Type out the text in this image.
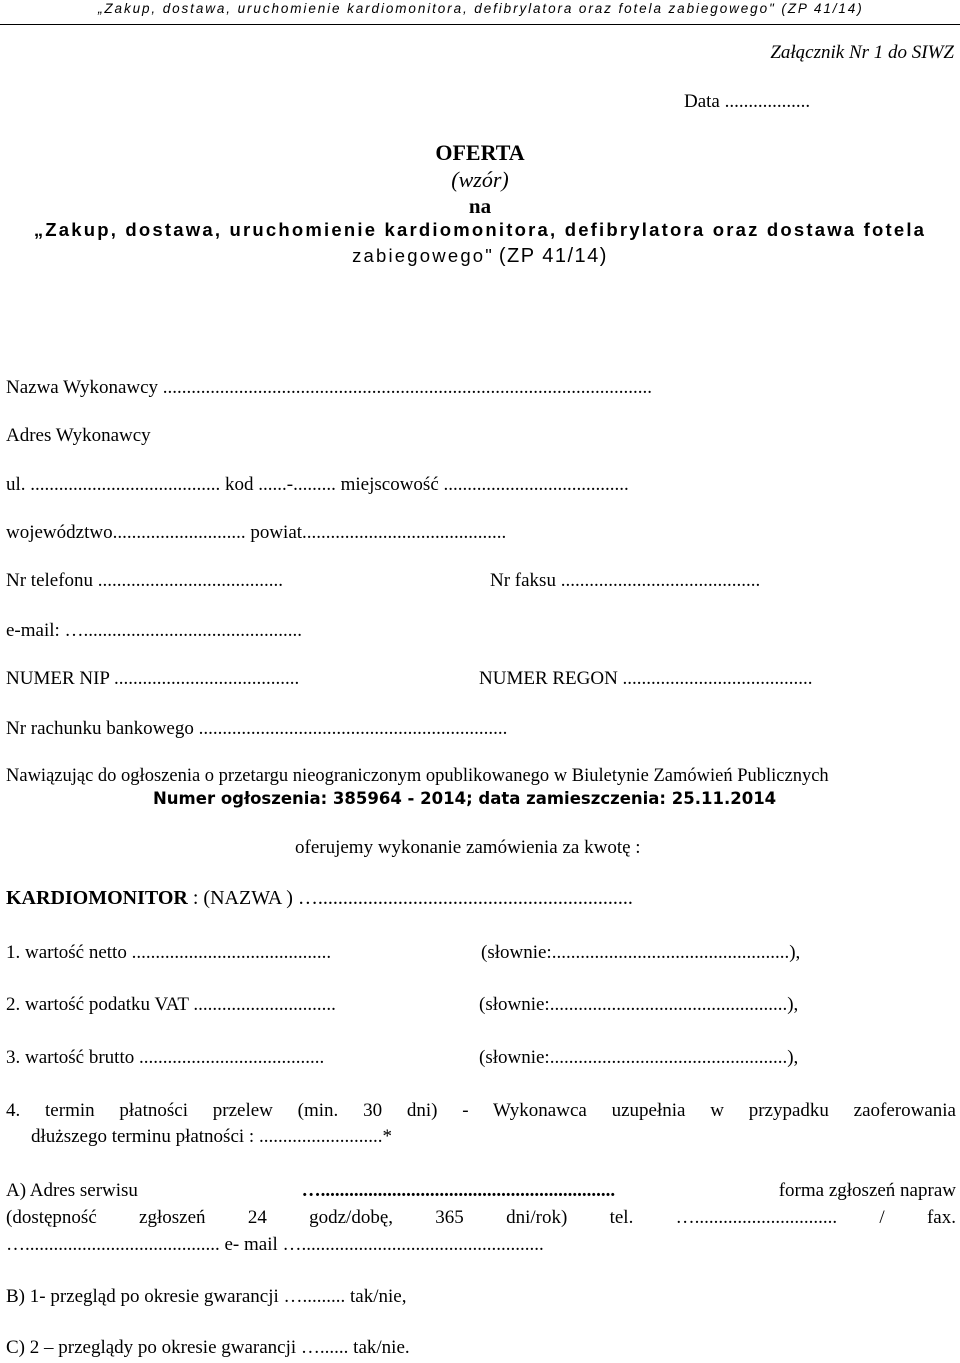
„Zakup, dostawa, uruchomienie kardiomonitora, defibrylatora oraz fotela zabiegowego" (ZP 41/14)
Załącznik Nr 1 do SIWZ
Data ..................
OFERTA
(wzór)
na
„Zakup, dostawa, uruchomienie kardiomonitora, defibrylatora oraz dostawa fotela
zabiegowego" (ZP 41/14)
Nazwa Wykonawcy .......................................................................................................
Adres Wykonawcy
ul. ........................................ kod ......-......... miejscowość .......................................
województwo............................ powiat...........................................
Nr telefonu .......................................	Nr faksu ..........................................
e-mail: …..............................................
NUMER NIP .......................................	NUMER REGON ........................................
Nr rachunku bankowego .................................................................
Nawiązując do ogłoszenia o przetargu nieograniczonym opublikowanego w Biuletynie Zamówień Publicznych
Numer ogłoszenia: 385964 - 2014; data zamieszczenia: 25.11.2014
oferujemy wykonanie zamówienia za kwotę :
KARDIOMONITOR : (NAZWA ) …...............................................................
1. wartość netto ..........................................	(słownie:..................................................),
2. wartość podatku VAT ..............................	(słownie:..................................................),
3. wartość brutto .......................................	(słownie:..................................................),
4. termin płatności przelew (min. 30 dni) - Wykonawca uzupełnia w przypadku zaoferowania
dłuższego terminu płatności : ..........................*
A) Adres serwisu	…..............................................................	forma zgłoszeń napraw
(dostępność zgłoszeń 24 godz/dobę, 365 dni/rok) tel. ….............................. / fax.
…......................................... e- mail …...................................................
B) 1- przegląd po okresie gwarancji …......... tak/nie,
C) 2 – przeglądy po okresie gwarancji …...... tak/nie.
